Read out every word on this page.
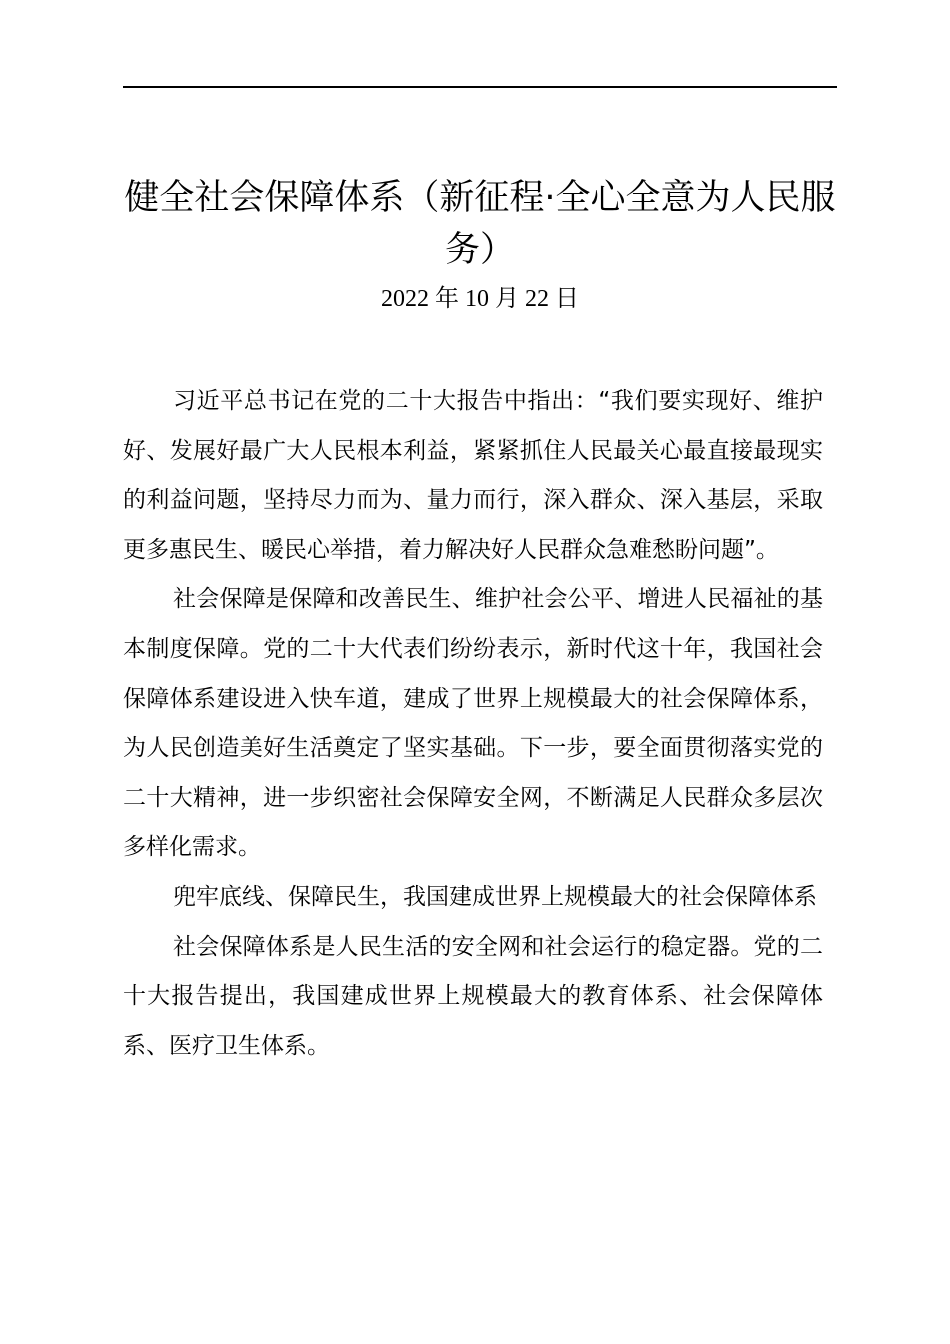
健全社会保障体系（新征程·全心全意为人民服务）
2022 年 10 月 22 日

习近平总书记在党的二十大报告中指出：“我们要实现好、维护好、发展好最广大人民根本利益，紧紧抓住人民最关心最直接最现实的利益问题，坚持尽力而为、量力而行，深入群众、深入基层，采取更多惠民生、暖民心举措，着力解决好人民群众急难愁盼问题”。

社会保障是保障和改善民生、维护社会公平、增进人民福祉的基本制度保障。党的二十大代表们纷纷表示，新时代这十年，我国社会保障体系建设进入快车道，建成了世界上规模最大的社会保障体系，为人民创造美好生活奠定了坚实基础。下一步，要全面贯彻落实党的二十大精神，进一步织密社会保障安全网，不断满足人民群众多层次多样化需求。

兜牢底线、保障民生，我国建成世界上规模最大的社会保障体系

社会保障体系是人民生活的安全网和社会运行的稳定器。党的二十大报告提出，我国建成世界上规模最大的教育体系、社会保障体系、医疗卫生体系。
